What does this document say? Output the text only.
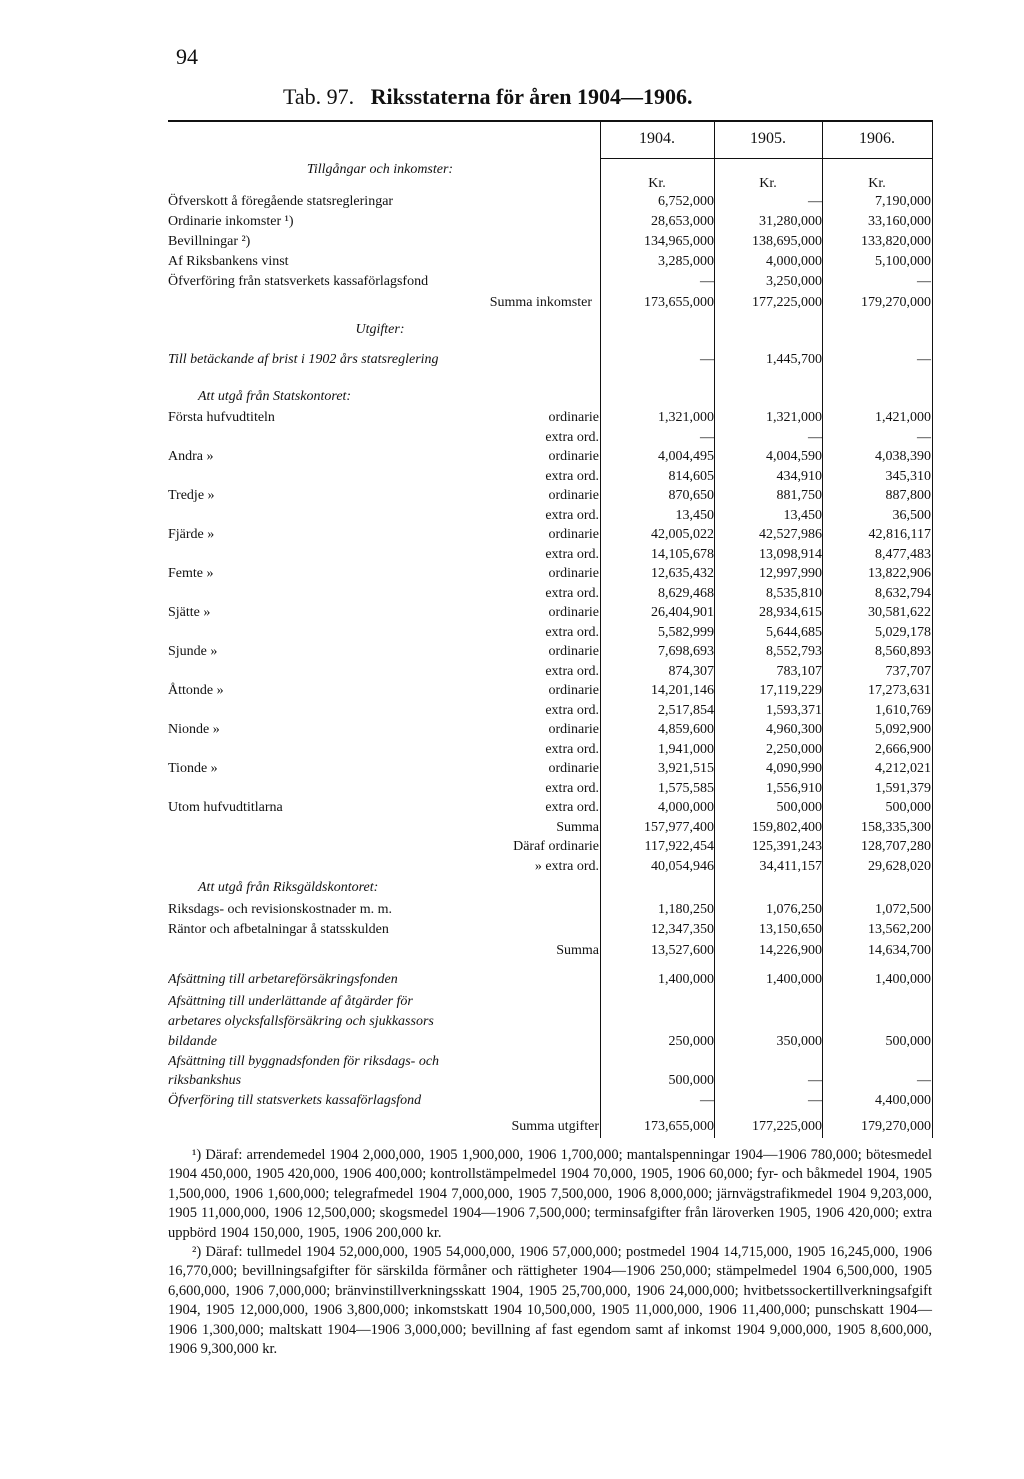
94
Tab. 97. Riksstaterna för åren 1904—1906.
1904.	1905.	1906.
Kr.	Kr.	Kr.
Tillgångar och inkomster:
Öfverskott å föregående statsregleringar	6,752,000	—	7,190,000
Ordinarie inkomster ¹)	28,653,000	31,280,000	33,160,000
Bevillningar ²)	134,965,000	138,695,000	133,820,000
Af Riksbankens vinst	3,285,000	4,000,000	5,100,000
Öfverföring från statsverkets kassaförlagsfond	—	3,250,000	—
Summa inkomster	173,655,000	177,225,000	179,270,000
Utgifter:
Till betäckande af brist i 1902 års statsreglering	—	1,445,700	—
Att utgå från Statskontoret:
Första hufvudtiteln	ordinarie	1,321,000	1,321,000	1,421,000
extra ord.	—	—	—
Andra »	ordinarie	4,004,495	4,004,590	4,038,390
extra ord.	814,605	434,910	345,310
Tredje »	ordinarie	870,650	881,750	887,800
extra ord.	13,450	13,450	36,500
Fjärde »	ordinarie	42,005,022	42,527,986	42,816,117
extra ord.	14,105,678	13,098,914	8,477,483
Femte »	ordinarie	12,635,432	12,997,990	13,822,906
extra ord.	8,629,468	8,535,810	8,632,794
Sjätte »	ordinarie	26,404,901	28,934,615	30,581,622
extra ord.	5,582,999	5,644,685	5,029,178
Sjunde »	ordinarie	7,698,693	8,552,793	8,560,893
extra ord.	874,307	783,107	737,707
Åttonde »	ordinarie	14,201,146	17,119,229	17,273,631
extra ord.	2,517,854	1,593,371	1,610,769
Nionde »	ordinarie	4,859,600	4,960,300	5,092,900
extra ord.	1,941,000	2,250,000	2,666,900
Tionde »	ordinarie	3,921,515	4,090,990	4,212,021
extra ord.	1,575,585	1,556,910	1,591,379
Utom hufvudtitlarna	extra ord.	4,000,000	500,000	500,000
Summa	157,977,400	159,802,400	158,335,300
Däraf ordinarie	117,922,454	125,391,243	128,707,280
» extra ord.	40,054,946	34,411,157	29,628,020
Att utgå från Riksgäldskontoret:
Riksdags- och revisionskostnader m. m.	1,180,250	1,076,250	1,072,500
Räntor och afbetalningar å statsskulden	12,347,350	13,150,650	13,562,200
Summa	13,527,600	14,226,900	14,634,700
Afsättning till arbetareförsäkringsfonden	1,400,000	1,400,000	1,400,000
Afsättning till underlättande af åtgärder för
arbetares olycksfallsförsäkring och sjukkassors
bildande	250,000	350,000	500,000
Afsättning till byggnadsfonden för riksdags- och
riksbankshus	500,000	—	—
Öfverföring till statsverkets kassaförlagsfond	—	—	4,400,000
Summa utgifter	173,655,000	177,225,000	179,270,000

¹) Däraf: arrendemedel 1904 2,000,000, 1905 1,900,000, 1906 1,700,000; mantalspenningar 1904—1906 780,000; bötesmedel 1904 450,000, 1905 420,000, 1906 400,000; kontrollstämpelmedel 1904 70,000, 1905, 1906 60,000; fyr- och båkmedel 1904, 1905 1,500,000, 1906 1,600,000; telegrafmedel 1904 7,000,000, 1905 7,500,000, 1906 8,000,000; järnvägstrafikmedel 1904 9,203,000, 1905 11,000,000, 1906 12,500,000; skogsmedel 1904—1906 7,500,000; terminsafgifter från läroverken 1905, 1906 420,000; extra uppbörd 1904 150,000, 1905, 1906 200,000 kr.

²) Däraf: tullmedel 1904 52,000,000, 1905 54,000,000, 1906 57,000,000; postmedel 1904 14,715,000, 1905 16,245,000, 1906 16,770,000; bevillningsafgifter för särskilda förmåner och rättigheter 1904—1906 250,000; stämpelmedel 1904 6,500,000, 1905 6,600,000, 1906 7,000,000; bränvinstillverkningsskatt 1904, 1905 25,700,000, 1906 24,000,000; hvitbetssockertillverkningsafgift 1904, 1905 12,000,000, 1906 3,800,000; inkomstskatt 1904 10,500,000, 1905 11,000,000, 1906 11,400,000; punschskatt 1904—1906 1,300,000; maltskatt 1904—1906 3,000,000; bevillning af fast egendom samt af inkomst 1904 9,000,000, 1905 8,600,000, 1906 9,300,000 kr.
